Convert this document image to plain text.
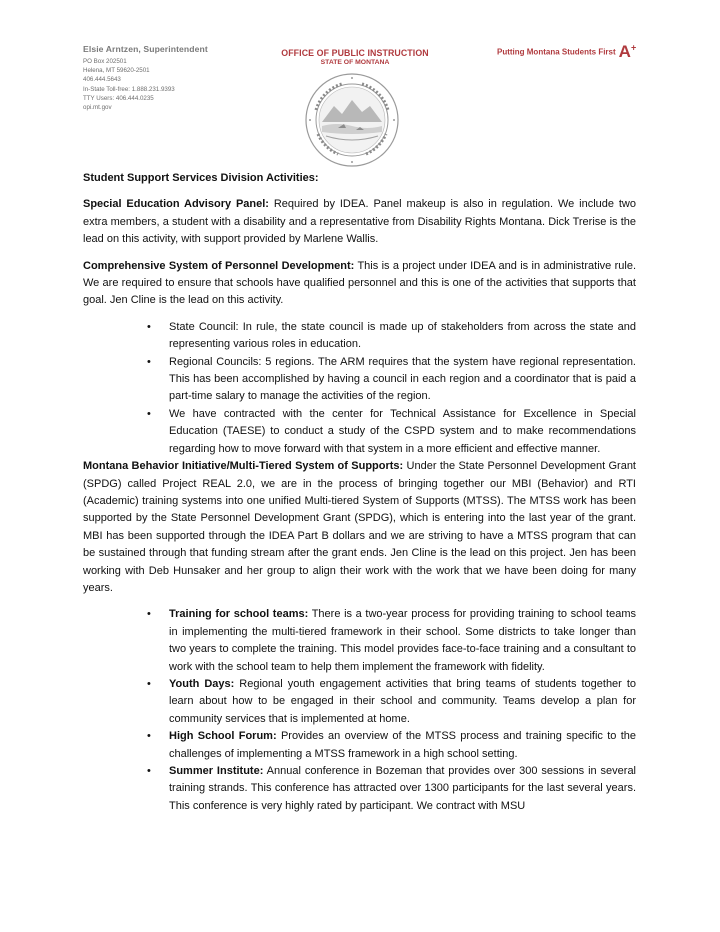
Elsie Arntzen, Superintendent
PO Box 202501
Helena, MT 59620-2501
406.444.5643
In-State Toll-free: 1.888.231.9393
TTY Users: 406.444.0235
opi.mt.gov
OFFICE OF PUBLIC INSTRUCTION
STATE OF MONTANA
Putting Montana Students First A+

Student Support Services Division Activities:

Special Education Advisory Panel: Required by IDEA. Panel makeup is also in regulation. We include two extra members, a student with a disability and a representative from Disability Rights Montana. Dick Trerise is the lead on this activity, with support provided by Marlene Wallis.

Comprehensive System of Personnel Development: This is a project under IDEA and is in administrative rule. We are required to ensure that schools have qualified personnel and this is one of the activities that supports that goal. Jen Cline is the lead on this activity.

• State Council: In rule, the state council is made up of stakeholders from across the state and representing various roles in education.
• Regional Councils: 5 regions. The ARM requires that the system have regional representation. This has been accomplished by having a council in each region and a coordinator that is paid a part-time salary to manage the activities of the region.
• We have contracted with the center for Technical Assistance for Excellence in Special Education (TAESE) to conduct a study of the CSPD system and to make recommendations regarding how to move forward with that system in a more efficient and effective manner.

Montana Behavior Initiative/Multi-Tiered System of Supports: Under the State Personnel Development Grant (SPDG) called Project REAL 2.0, we are in the process of bringing together our MBI (Behavior) and RTI (Academic) training systems into one unified Multi-tiered System of Supports (MTSS). The MTSS work has been supported by the State Personnel Development Grant (SPDG), which is entering into the last year of the grant. MBI has been supported through the IDEA Part B dollars and we are striving to have a MTSS program that can be sustained through that funding stream after the grant ends. Jen Cline is the lead on this project. Jen has been working with Deb Hunsaker and her group to align their work with the work that we have been doing for many years.

• Training for school teams: There is a two-year process for providing training to school teams in implementing the multi-tiered framework in their school. Some districts to take longer than two years to complete the training. This model provides face-to-face training and a consultant to work with the school team to help them implement the framework with fidelity.
• Youth Days: Regional youth engagement activities that bring teams of students together to learn about how to be engaged in their school and community. Teams develop a plan for community services that is implemented at home.
• High School Forum: Provides an overview of the MTSS process and training specific to the challenges of implementing a MTSS framework in a high school setting.
• Summer Institute: Annual conference in Bozeman that provides over 300 sessions in several training strands. This conference has attracted over 1300 participants for the last several years. This conference is very highly rated by participant. We contract with MSU
